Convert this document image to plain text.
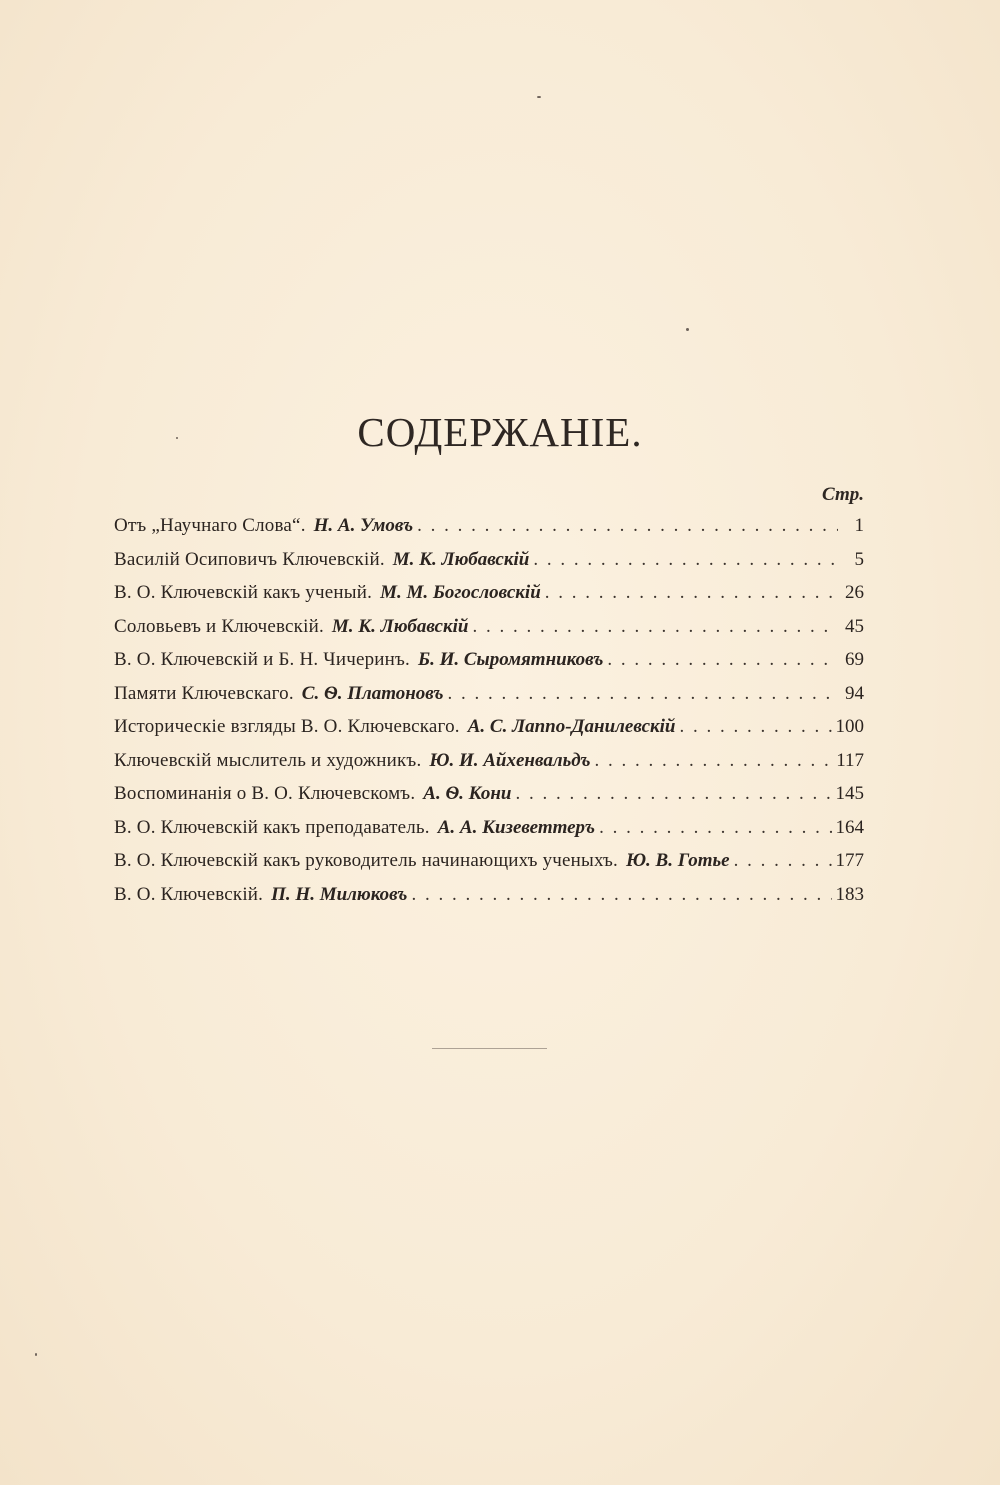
СОДЕРЖАНІЕ.
Стр.
Отъ „Научнаго Слова“. Н. А. Умовъ . . .	1
Василій Осиповичъ Ключевскій. М. К. Любавскій . . .	5
В. О. Ключевскій какъ ученый. М. М. Богословскій . . .	26
Соловьевъ и Ключевскій. М. К. Любавскій . . .	45
В. О. Ключевскій и Б. Н. Чичеринъ. Б. И. Сыромятниковъ . . .	69
Памяти Ключевскаго. С. Ѳ. Платоновъ . . .	94
Историческіе взгляды В. О. Ключевскаго. А. С. Лаппо-Данилевскій . . .	100
Ключевскій мыслитель и художникъ. Ю. И. Айхенвальдъ . . .	117
Воспоминанія о В. О. Ключевскомъ. А. Ѳ. Кони . . .	145
В. О. Ключевскій какъ преподаватель. А. А. Кизеветтеръ . . .	164
В. О. Ключевскій какъ руководитель начинающихъ ученыхъ. Ю. В. Готье . . .	177
В. О. Ключевскій. П. Н. Милюковъ . . .	183
